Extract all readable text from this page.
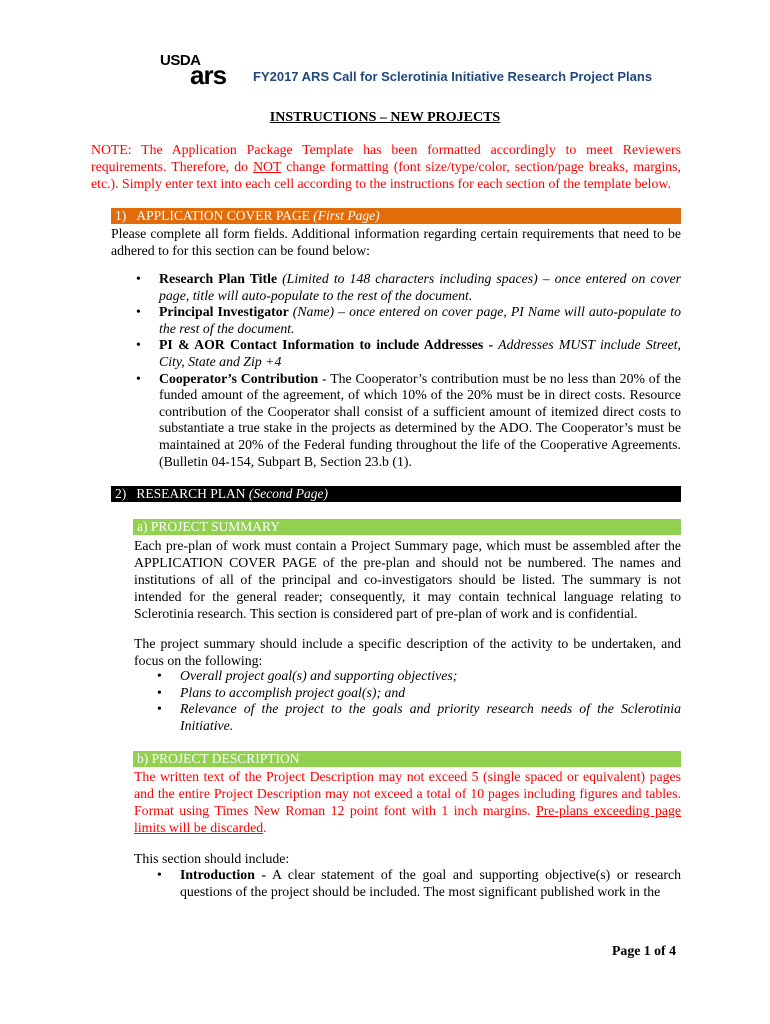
USDA
ars FY2017 ARS Call for Sclerotinia Initiative Research Project Plans
INSTRUCTIONS – NEW PROJECTS
NOTE: The Application Package Template has been formatted accordingly to meet Reviewers requirements. Therefore, do NOT change formatting (font size/type/color, section/page breaks, margins, etc.). Simply enter text into each cell according to the instructions for each section of the template below.
1)   APPLICATION COVER PAGE (First Page)
Please complete all form fields. Additional information regarding certain requirements that need to be adhered to for this section can be found below:
• Research Plan Title (Limited to 148 characters including spaces) – once entered on cover page, title will auto-populate to the rest of the document.
• Principal Investigator (Name) – once entered on cover page, PI Name will auto-populate to the rest of the document.
• PI & AOR Contact Information to include Addresses - Addresses MUST include Street, City, State and Zip +4
• Cooperator’s Contribution - The Cooperator’s contribution must be no less than 20% of the funded amount of the agreement, of which 10% of the 20% must be in direct costs. Resource contribution of the Cooperator shall consist of a sufficient amount of itemized direct costs to substantiate a true stake in the projects as determined by the ADO. The Cooperator’s must be maintained at 20% of the Federal funding throughout the life of the Cooperative Agreements. (Bulletin 04-154, Subpart B, Section 23.b (1).
2)   RESEARCH PLAN (Second Page)
a) PROJECT SUMMARY
Each pre-plan of work must contain a Project Summary page, which must be assembled after the APPLICATION COVER PAGE of the pre-plan and should not be numbered. The names and institutions of all of the principal and co-investigators should be listed. The summary is not intended for the general reader; consequently, it may contain technical language relating to Sclerotinia research. This section is considered part of pre-plan of work and is confidential.
The project summary should include a specific description of the activity to be undertaken, and focus on the following:
• Overall project goal(s) and supporting objectives;
• Plans to accomplish project goal(s); and
• Relevance of the project to the goals and priority research needs of the Sclerotinia Initiative.
b) PROJECT DESCRIPTION
The written text of the Project Description may not exceed 5 (single spaced or equivalent) pages and the entire Project Description may not exceed a total of 10 pages including figures and tables. Format using Times New Roman 12 point font with 1 inch margins. Pre-plans exceeding page limits will be discarded.
This section should include:
• Introduction - A clear statement of the goal and supporting objective(s) or research questions of the project should be included. The most significant published work in the
Page 1 of 4
